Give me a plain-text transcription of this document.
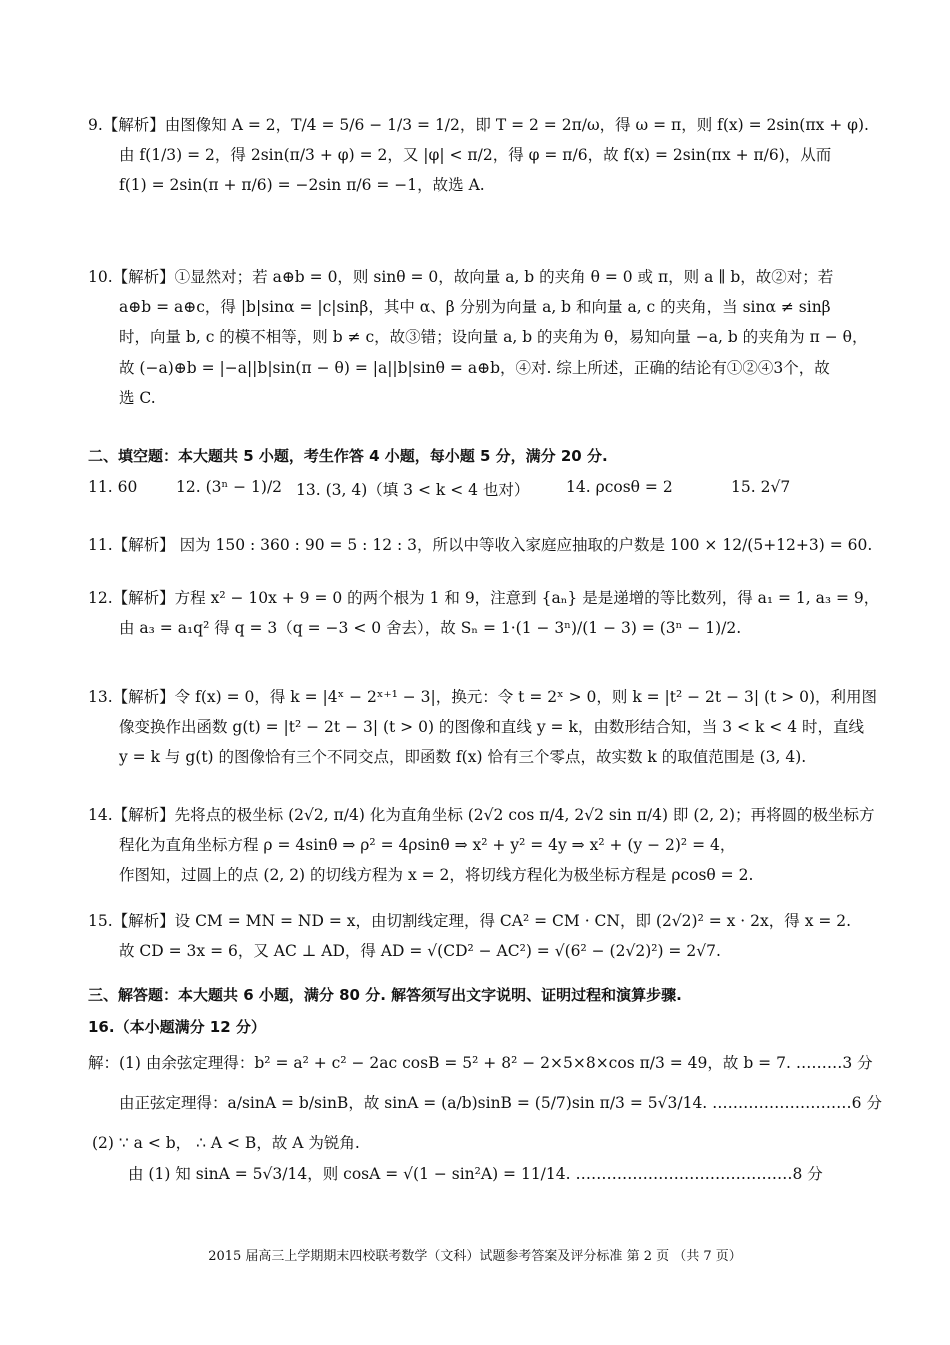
9.【解析】由图像知 A = 2，T/4 = 5/6 − 1/3 = 1/2，即 T = 2 = 2π/ω，得 ω = π，则 f(x) = 2sin(πx + φ).
由 f(1/3) = 2，得 2sin(π/3 + φ) = 2，又 |φ| < π/2，得 φ = π/6，故 f(x) = 2sin(πx + π/6)，从而
f(1) = 2sin(π + π/6) = −2sin π/6 = −1，故选 A.
10.【解析】①显然对；若 a⊕b = 0，则 sinθ = 0，故向量 a, b 的夹角 θ = 0 或 π，则 a ∥ b，故②对；若
a⊕b = a⊕c，得 |b|sinα = |c|sinβ，其中 α、β 分别为向量 a, b 和向量 a, c 的夹角，当 sinα ≠ sinβ
时，向量 b, c 的模不相等，则 b ≠ c，故③错；设向量 a, b 的夹角为 θ，易知向量 −a, b 的夹角为 π − θ，
故 (−a)⊕b = |−a||b|sin(π − θ) = |a||b|sinθ = a⊕b，④对. 综上所述，正确的结论有①②④3个，故
选 C.
二、填空题：本大题共 5 小题，考生作答 4 小题，每小题 5 分，满分 20 分.
11. 60	12. (3ⁿ − 1)/2 13. (3, 4)（填 3 < k < 4 也对）	14. ρcosθ = 2	15. 2√7
11.【解析】 因为 150 : 360 : 90 = 5 : 12 : 3，所以中等收入家庭应抽取的户数是 100 × 12/(5+12+3) = 60.
12.【解析】方程 x² − 10x + 9 = 0 的两个根为 1 和 9，注意到 {aₙ} 是是递增的等比数列，得 a₁ = 1, a₃ = 9，
由 a₃ = a₁q² 得 q = 3（q = −3 < 0 舍去），故 Sₙ = 1·(1 − 3ⁿ)/(1 − 3) = (3ⁿ − 1)/2.
13.【解析】令 f(x) = 0，得 k = |4ˣ − 2ˣ⁺¹ − 3|，换元：令 t = 2ˣ > 0，则 k = |t² − 2t − 3| (t > 0)，利用图
像变换作出函数 g(t) = |t² − 2t − 3| (t > 0) 的图像和直线 y = k，由数形结合知，当 3 < k < 4 时，直线
y = k 与 g(t) 的图像恰有三个不同交点，即函数 f(x) 恰有三个零点，故实数 k 的取值范围是 (3, 4).
14.【解析】先将点的极坐标 (2√2, π/4) 化为直角坐标 (2√2 cos π/4, 2√2 sin π/4) 即 (2, 2)；再将圆的极坐标方
程化为直角坐标方程 ρ = 4sinθ ⇒ ρ² = 4ρsinθ ⇒ x² + y² = 4y ⇒ x² + (y − 2)² = 4，
作图知，过圆上的点 (2, 2) 的切线方程为 x = 2，将切线方程化为极坐标方程是 ρcosθ = 2.
15.【解析】设 CM = MN = ND = x，由切割线定理，得 CA² = CM · CN，即 (2√2)² = x · 2x，得 x = 2.
故 CD = 3x = 6，又 AC ⊥ AD，得 AD = √(CD² − AC²) = √(6² − (2√2)²) = 2√7.
三、解答题：本大题共 6 小题，满分 80 分. 解答须写出文字说明、证明过程和演算步骤.
16.（本小题满分 12 分）
解：(1) 由余弦定理得：b² = a² + c² − 2ac cosB = 5² + 8² − 2×5×8×cos π/3 = 49，故 b = 7. ………3 分
由正弦定理得：a/sinA = b/sinB，故 sinA = (a/b)sinB = (5/7)sin π/3 = 5√3/14. ………………………6 分
(2) ∵ a < b， ∴ A < B，故 A 为锐角.
由 (1) 知 sinA = 5√3/14，则 cosA = √(1 − sin²A) = 11/14. ……………………………………8 分
2015 届高三上学期期末四校联考数学（文科）试题参考答案及评分标准 第 2 页 （共 7 页）
